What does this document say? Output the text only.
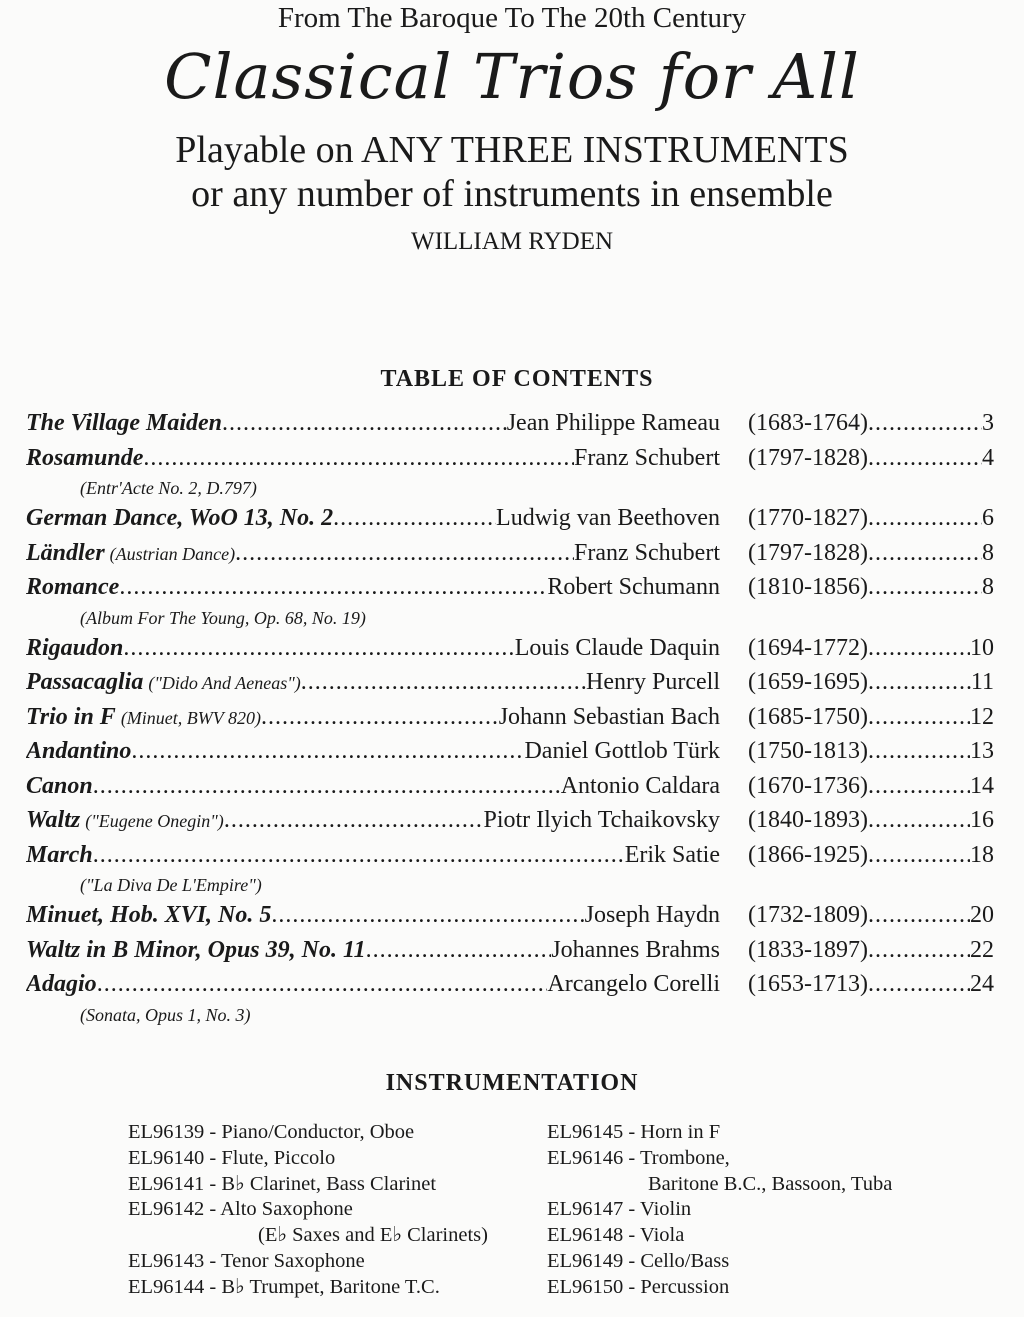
From The Baroque To The 20th Century
Classical Trios for All
Playable on ANY THREE INSTRUMENTS
or any number of instruments in ensemble
WILLIAM RYDEN
TABLE OF CONTENTS
The Village Maiden .....	Jean Philippe Rameau (1683-1764) .....	3
Rosamunde .....	Franz Schubert (1797-1828) .....	4
(Entr'Acte No. 2, D.797)
German Dance, WoO 13, No. 2 .....	Ludwig van Beethoven (1770-1827) .....	6
Ländler (Austrian Dance) .....	Franz Schubert (1797-1828) .....	8
Romance .....	Robert Schumann (1810-1856) .....	8
(Album For The Young, Op. 68, No. 19)
Rigaudon .....	Louis Claude Daquin (1694-1772) .....	10
Passacaglia ("Dido And Aeneas") .....	Henry Purcell (1659-1695) .....	11
Trio in F (Minuet, BWV 820) .....	Johann Sebastian Bach (1685-1750) .....	12
Andantino .....	Daniel Gottlob Türk (1750-1813) .....	13
Canon .....	Antonio Caldara (1670-1736) .....	14
Waltz ("Eugene Onegin") .....	Piotr Ilyich Tchaikovsky (1840-1893) .....	16
March .....	Erik Satie (1866-1925) .....	18
("La Diva De L'Empire")
Minuet, Hob. XVI, No. 5 .....	Joseph Haydn (1732-1809) .....	20
Waltz in B Minor, Opus 39, No. 11 .....	Johannes Brahms (1833-1897) .....	22
Adagio .....	Arcangelo Corelli (1653-1713) .....	24
(Sonata, Opus 1, No. 3)
INSTRUMENTATION
EL96139 - Piano/Conductor, Oboe
EL96140 - Flute, Piccolo
EL96141 - B♭ Clarinet, Bass Clarinet
EL96142 - Alto Saxophone
(E♭ Saxes and E♭ Clarinets)
EL96143 - Tenor Saxophone
EL96144 - B♭ Trumpet, Baritone T.C.
EL96145 - Horn in F
EL96146 - Trombone,
Baritone B.C., Bassoon, Tuba
EL96147 - Violin
EL96148 - Viola
EL96149 - Cello/Bass
EL96150 - Percussion
